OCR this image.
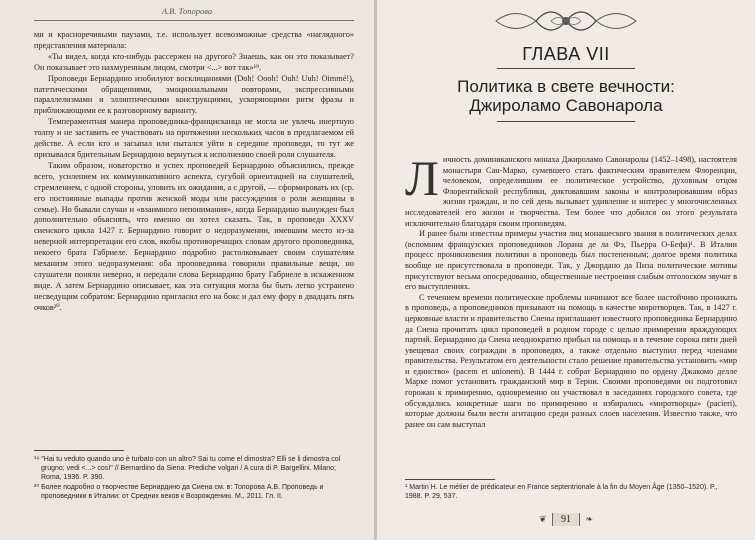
А.В. Топорова

ми и красноречивыми паузами, т.е. использует всевозможные средства «наглядного» представления материала:

«Ты видел, когда кто-нибудь рассержен на другого? Знаешь, как он это показывает? Он показывает это нахмуренным лицом, смотри <...> вот так»¹⁹.

Проповеди Бернардино изобилуют восклицаниями (Doh! Oooh! Ouh! Uuh! Oimmé!), патетическими обращениями, эмоциональными повторами, экспрессивными параллелизмами и эллиптическими конструкциями, ускоряющими ритм фразы и приближающими ее к разговорному варианту.

Темпераментная манера проповедника-францисканца не могла не увлечь инертную толпу и не заставить ее участвовать на протяжении нескольких часов в предлагаемом ей действе. А если кто и засыпал или пытался уйти в середине проповеди, то тут же призывался бдительным Бернардино вернуться к исполнению своей роли слушателя.

Таким образом, новаторство и успех проповедей Бернардино объяснялись, прежде всего, усилением их коммуникативного аспекта, сугубой ориентацией на слушателей, стремлением, с одной стороны, уловить их ожидания, а с другой, — сформировать их (ср. его постоянные выпады против женской моды или рассуждения о роли женщины в семье). Но бывали случаи и «взаимного непонимания», когда Бернардино вынужден был дополнительно объяснять, что именно он хотел сказать. Так, в проповеди XXXV сиенского цикла 1427 г. Бернардино говорит о недоразумении, имевшим место из-за неверной интерпретации его слов, якобы противоречащих словам другого проповедника, некоего брата Габриеле. Бернардино подробно растолковывает своим слушателям механизм этого недоразумения: оба проповедника говорили правильные вещи, но слушатели поняли неверно, и передали слова Бернардино брату Габриеле в искаженном виде. А затем Бернардино описывает, как эта ситуация могла бы быть легко устранено несведущим собратом: Бернардино пригласил его на бокс и дал ему фору в двадцать пять очков²⁰.

¹⁹ "Hai tu veduto quando uno è turbato con un altro? Sai tu come el dimostra? Elli se li dimostra col grugno; vedi <...> così" // Bernardino da Siena. Prediche volgari / A cura di P. Bargellini. Milano; Roma, 1936. P. 390.

²⁰ Более подробно о творчестве Бернардино да Сиена см. в: Топорова А.В. Проповедь и проповедники в Италии: от Средних веков к Возрождению. М., 2011. Гл. II.

ГЛАВА VII
Политика в свете вечности:
Джироламо Савонарола

Л ичность доминиканского монаха Джироламо Савонаролы (1452–1498), настоятеля монастыря Сан-Марко, сумевшего стать фактическим правителем Флоренции, человеком, определившим ее политическое устройство, духовным отцом Флорентийской республики, диктовавшим законы и контролировавшим образ жизни граждан, и по сей день вызывает удивление и интерес у многочисленных исследователей его жизни и творчества. Тем более что добился он этого результата исключительно благодаря своим проповедям.

И ранее были известны примеры участия лиц монашеского звания в политических делах (вспомним французских проповедников Лорана де ла Фэ, Пьерра О-Бефа)¹. В Италии процесс проникновения политики в проповедь был постепенным; долгое время политика вообще не присутствовала в проповеди. Так, у Джордано да Пиза политические мотивы присутствуют весьма опосредованно, общественные нестроения слабым отголоском звучат в его выступлениях.

С течением времени политические проблемы начинают все более настойчиво проникать в проповедь, а проповедников призывают на помощь в качестве миротворцев. Так, в 1427 г. церковные власти и правительство Сиены приглашают известного проповедника Бернардино да Сиена прочитать цикл проповедей в родном городе с целью примирения враждующих партий. Бернардино да Сиена неоднократно прибыл на помощь и в течение сорока пяти дней увещевал своих сограждан в проповедях, а также отдельно выступил перед членами правительства. Результатом его деятельности стало решение правительства установить «мир и единство» (pacem et unionem). В 1444 г. собрат Бернардино по ордену Джакомо делле Марке помог установить гражданский мир в Терни. Своими проповедями он подготовил горожан к примирению, одновременно он участвовал в заседаниях городского совета, где обсуждались конкретные шаги по примирению и избирались «миротворцы» (pacieri), которые должны были вести агитацию среди разных слоев населения. Известно также, что ранее он сам выступал

¹ Martin H. Le métier de prédicateur en France septentrionale à la fin du Moyen Âge (1350–1520). P., 1988. P. 29, 537.
❦ 91 ❧
